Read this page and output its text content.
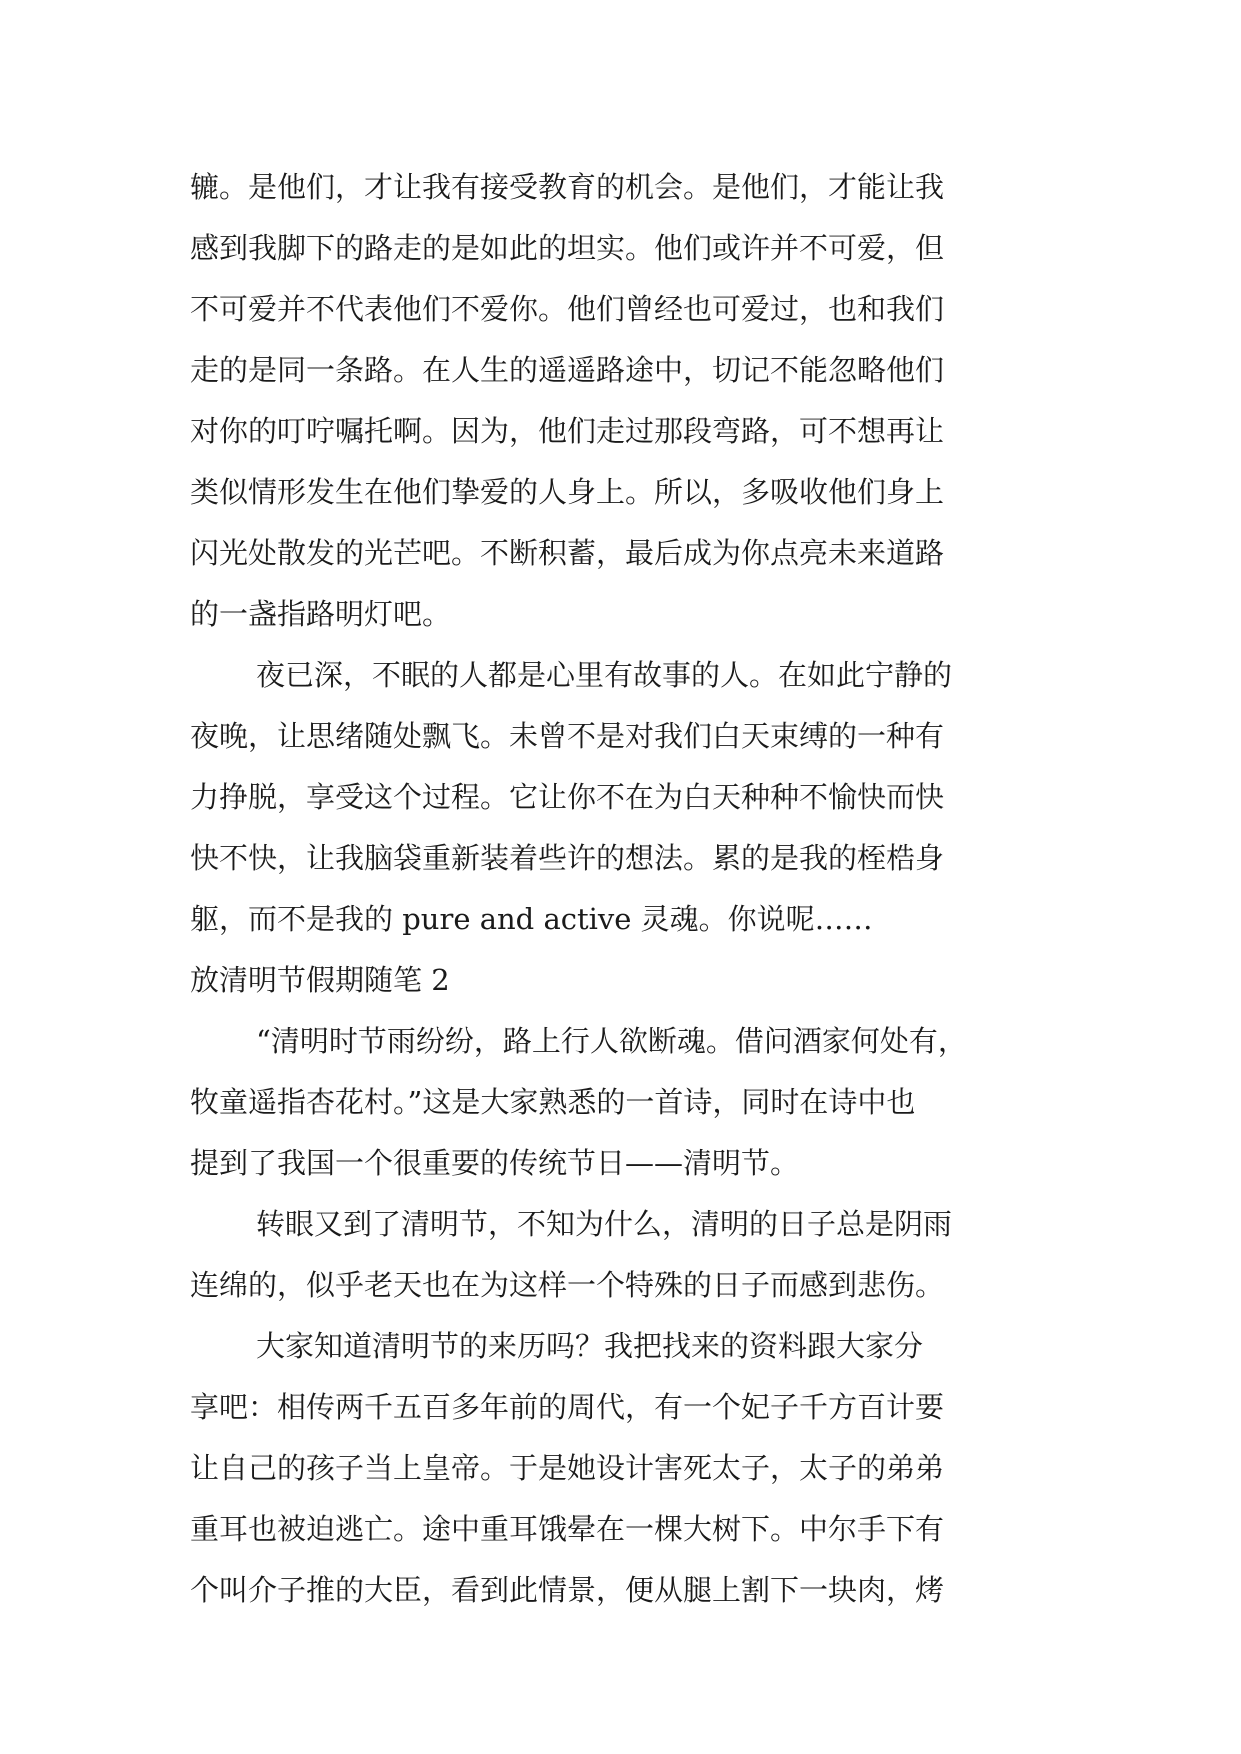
辘。是他们，才让我有接受教育的机会。是他们，才能让我
感到我脚下的路走的是如此的坦实。他们或许并不可爱，但
不可爱并不代表他们不爱你。他们曾经也可爱过，也和我们
走的是同一条路。在人生的遥遥路途中，切记不能忽略他们
对你的叮咛嘱托啊。因为，他们走过那段弯路，可不想再让
类似情形发生在他们挚爱的人身上。所以，多吸收他们身上
闪光处散发的光芒吧。不断积蓄，最后成为你点亮未来道路
的一盏指路明灯吧。
夜已深，不眠的人都是心里有故事的人。在如此宁静的
夜晚，让思绪随处飘飞。未曾不是对我们白天束缚的一种有
力挣脱，享受这个过程。它让你不在为白天种种不愉快而快
快不快，让我脑袋重新装着些许的想法。累的是我的桎梏身
躯，而不是我的 pure and active 灵魂。你说呢……
放清明节假期随笔 2
“清明时节雨纷纷，路上行人欲断魂。借问酒家何处有，
牧童遥指杏花村。”这是大家熟悉的一首诗，同时在诗中也
提到了我国一个很重要的传统节日——清明节。
转眼又到了清明节，不知为什么，清明的日子总是阴雨
连绵的，似乎老天也在为这样一个特殊的日子而感到悲伤。
大家知道清明节的来历吗？我把找来的资料跟大家分
享吧：相传两千五百多年前的周代，有一个妃子千方百计要
让自己的孩子当上皇帝。于是她设计害死太子，太子的弟弟
重耳也被迫逃亡。途中重耳饿晕在一棵大树下。中尔手下有
个叫介子推的大臣，看到此情景，便从腿上割下一块肉，烤
